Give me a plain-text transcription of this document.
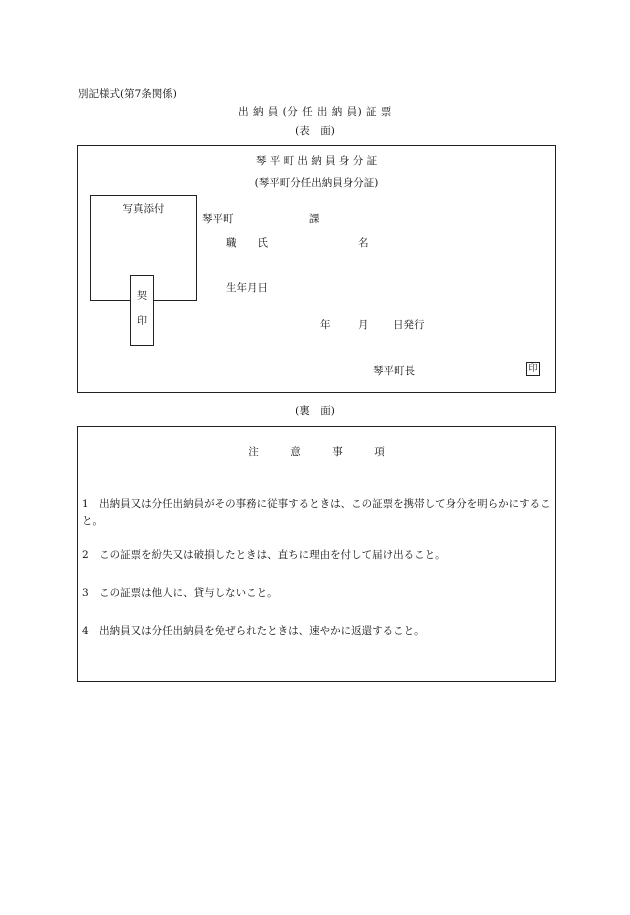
別記様式(第7条関係)
出 納 員 (分 任 出 納 員) 証 票
(表　面)
琴 平 町 出 納 員 身 分 証
(琴平町分任出納員身分証)
写真添付
契
印
琴平町	課
職　　氏	名
生年月日
年	月 日発行
琴平町長	印
(裏　面)
注　　　意　　　事　　　項
1　出納員又は分任出納員がその事務に従事するときは、この証票を携帯して身分を明らかにすること。
2　この証票を紛失又は破損したときは、直ちに理由を付して届け出ること。
3　この証票は他人に、貸与しないこと。
4　出納員又は分任出納員を免ぜられたときは、速やかに返還すること。
